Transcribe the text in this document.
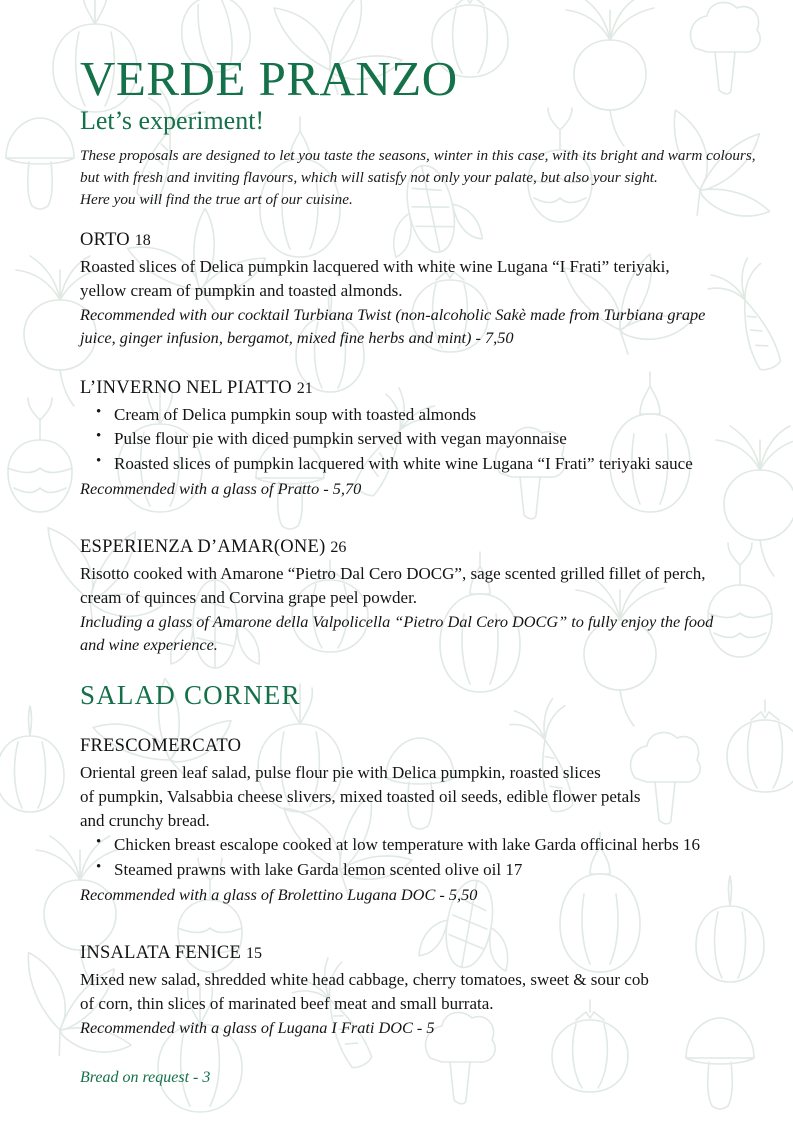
VERDE PRANZO
Let’s experiment!
These proposals are designed to let you taste the seasons, winter in this case, with its bright and warm colours,
but with fresh and inviting flavours, which will satisfy not only your palate, but also your sight.
Here you will find the true art of our cuisine.
ORTO 18
Roasted slices of Delica pumpkin lacquered with white wine Lugana “I Frati” teriyaki,
yellow cream of pumpkin and toasted almonds.
Recommended with our cocktail Turbiana Twist (non-alcoholic Sakè made from Turbiana grape
juice, ginger infusion, bergamot, mixed fine herbs and mint) - 7,50
L’INVERNO NEL PIATTO 21
• Cream of Delica pumpkin soup with toasted almonds
• Pulse flour pie with diced pumpkin served with vegan mayonnaise
• Roasted slices of pumpkin lacquered with white wine Lugana “I Frati” teriyaki sauce
Recommended with a glass of Pratto - 5,70
ESPERIENZA D’AMAR(ONE) 26
Risotto cooked with Amarone “Pietro Dal Cero DOCG”, sage scented grilled fillet of perch,
cream of quinces and Corvina grape peel powder.
Including a glass of Amarone della Valpolicella “Pietro Dal Cero DOCG” to fully enjoy the food
and wine experience.
SALAD CORNER
FRESCOMERCATO
Oriental green leaf salad, pulse flour pie with Delica pumpkin, roasted slices
of pumpkin, Valsabbia cheese slivers, mixed toasted oil seeds, edible flower petals
and crunchy bread.
• Chicken breast escalope cooked at low temperature with lake Garda officinal herbs 16
• Steamed prawns with lake Garda lemon scented olive oil 17
Recommended with a glass of Brolettino Lugana DOC - 5,50
INSALATA FENICE 15
Mixed new salad, shredded white head cabbage, cherry tomatoes, sweet & sour cob
of corn, thin slices of marinated beef meat and small burrata.
Recommended with a glass of Lugana I Frati DOC - 5
Bread on request - 3
